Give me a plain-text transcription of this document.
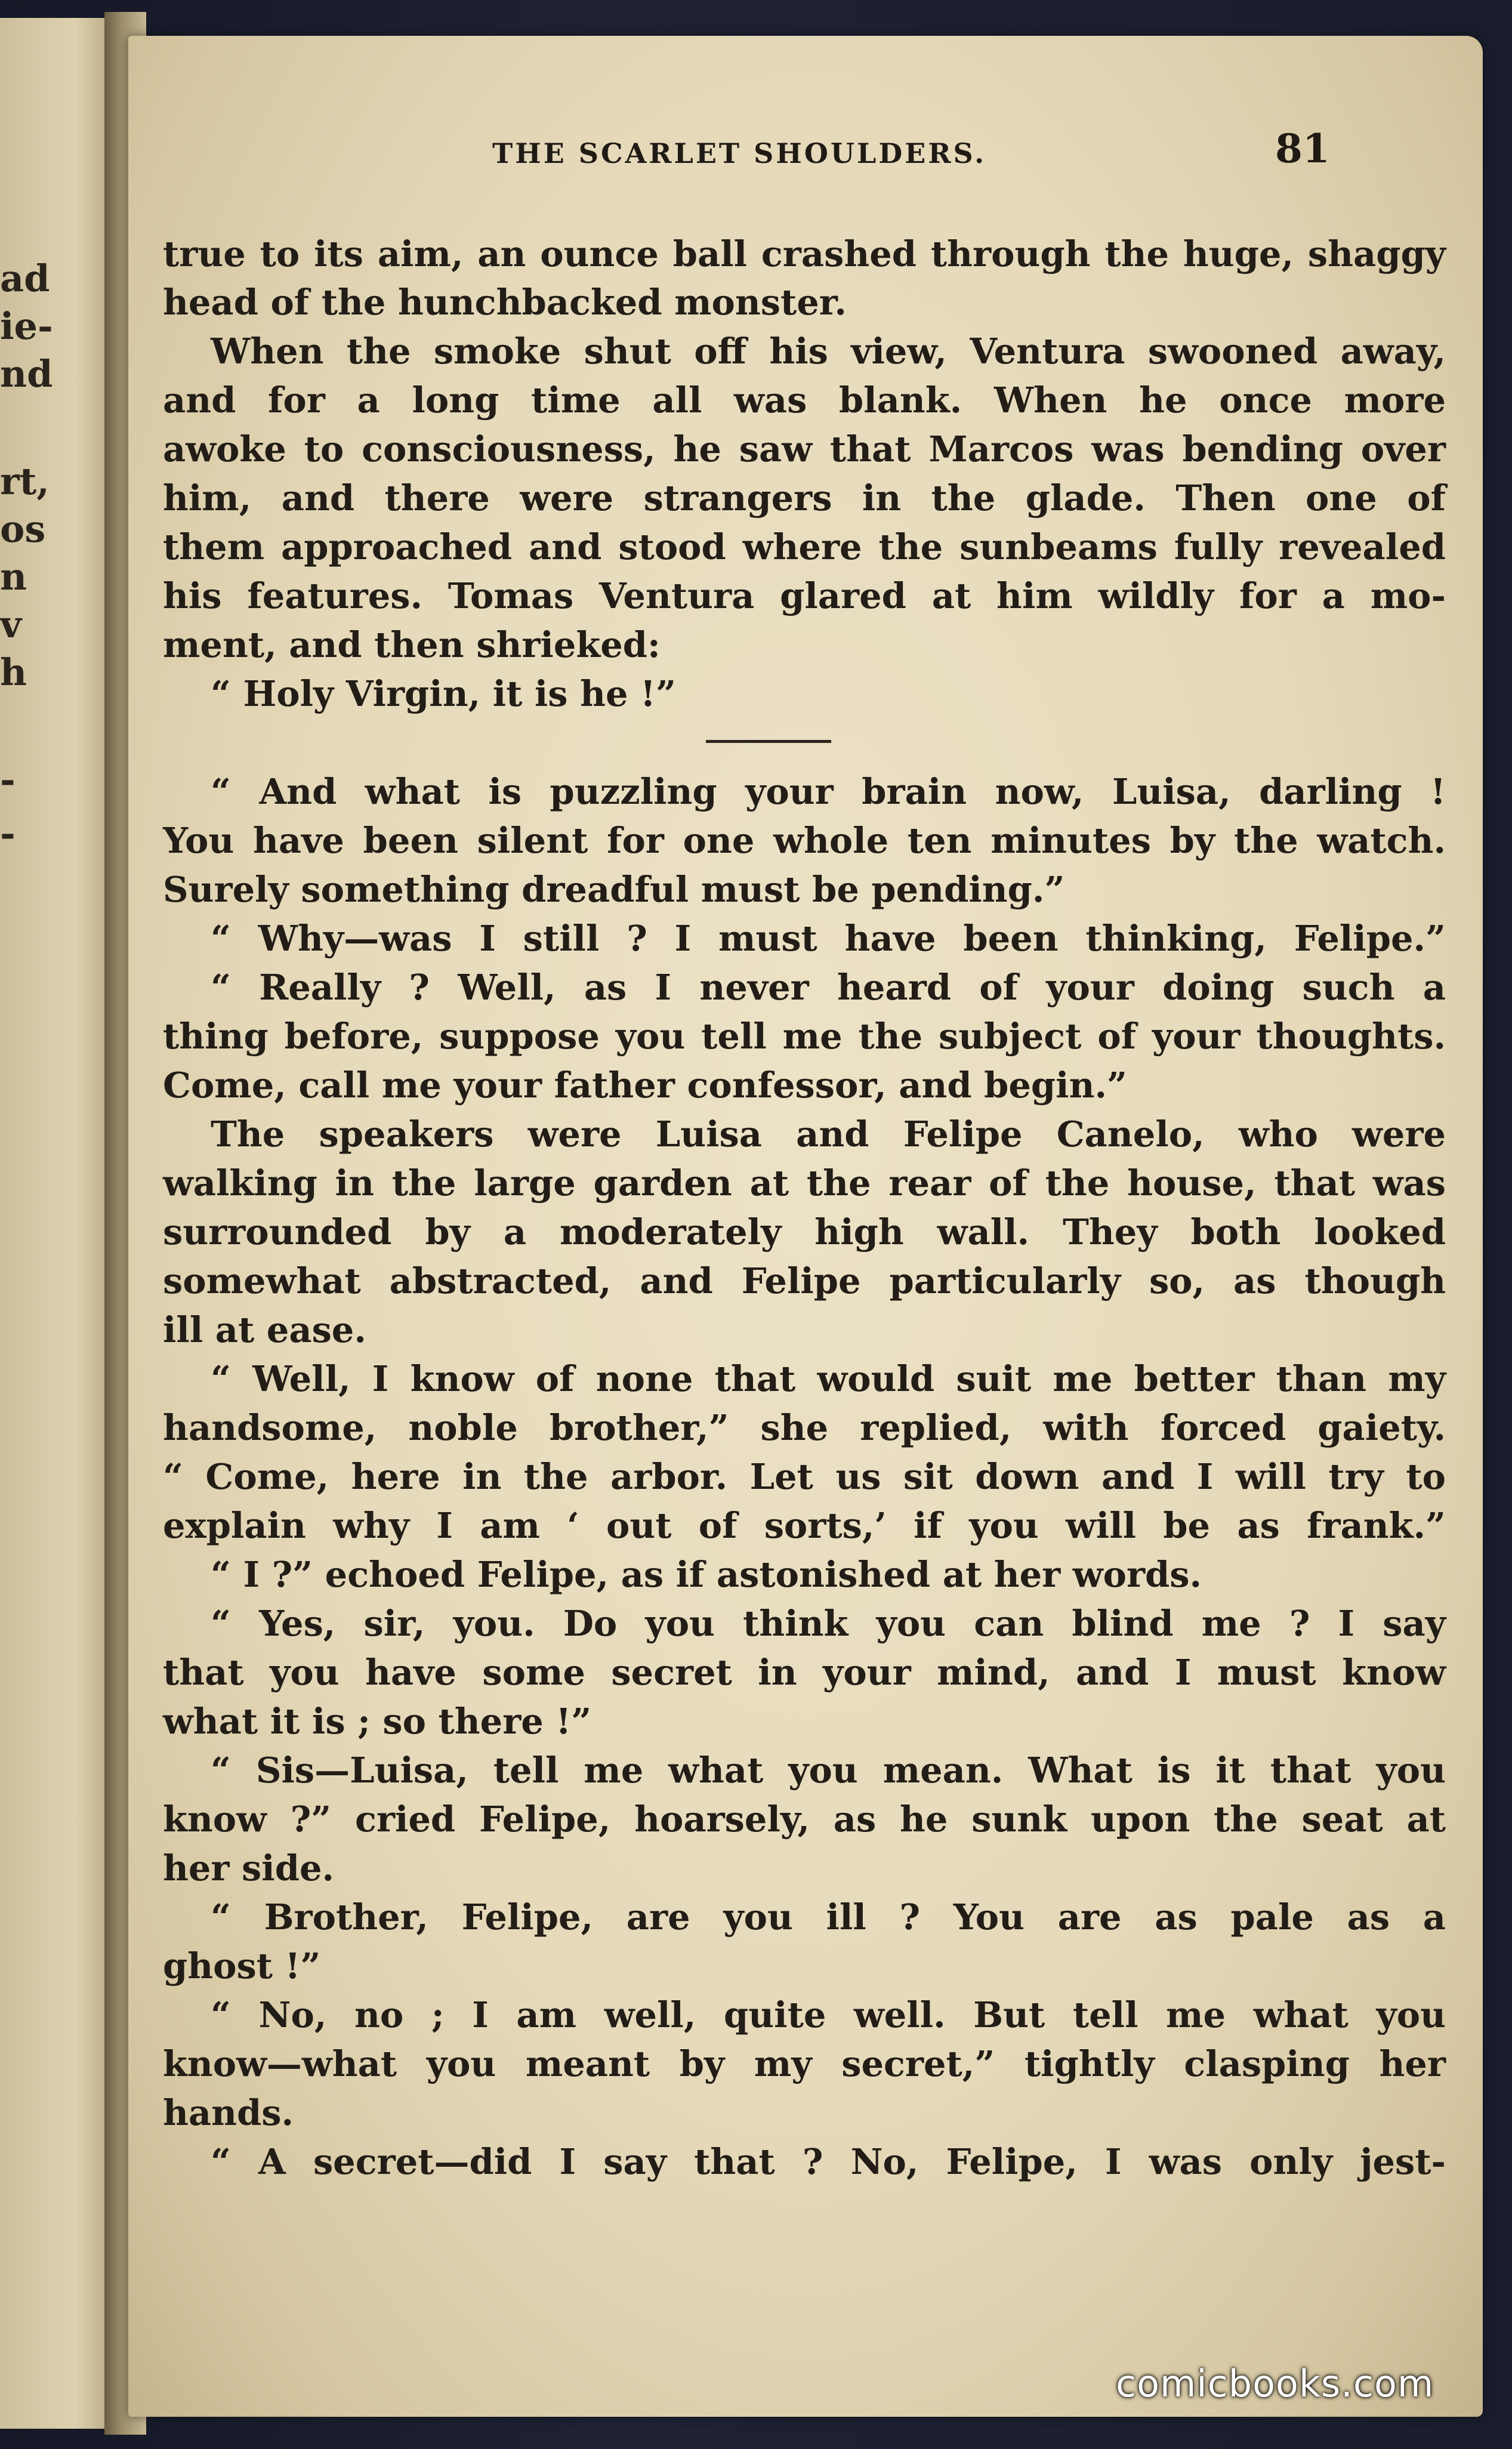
ad
ie-
nd
rt,
os
n
v
h
-
-
THE SCARLET SHOULDERS.	81
true to its aim, an ounce ball crashed through the huge, shaggy
head of the hunchbacked monster.
When the smoke shut off his view, Ventura swooned away,
and for a long time all was blank. When he once more
awoke to consciousness, he saw that Marcos was bending over
him, and there were strangers in the glade. Then one of
them approached and stood where the sunbeams fully revealed
his features. Tomas Ventura glared at him wildly for a mo-
ment, and then shrieked:
“ Holy Virgin, it is he !”
“ And what is puzzling your brain now, Luisa, darling !
You have been silent for one whole ten minutes by the watch.
Surely something dreadful must be pending.”
“ Why—was I still ? I must have been thinking, Felipe.”
“ Really ? Well, as I never heard of your doing such a
thing before, suppose you tell me the subject of your thoughts.
Come, call me your father confessor, and begin.”
The speakers were Luisa and Felipe Canelo, who were
walking in the large garden at the rear of the house, that was
surrounded by a moderately high wall. They both looked
somewhat abstracted, and Felipe particularly so, as though
ill at ease.
“ Well, I know of none that would suit me better than my
handsome, noble brother,” she replied, with forced gaiety.
“ Come, here in the arbor. Let us sit down and I will try to
explain why I am ‘ out of sorts,’ if you will be as frank.”
“ I ?” echoed Felipe, as if astonished at her words.
“ Yes, sir, you. Do you think you can blind me ? I say
that you have some secret in your mind, and I must know
what it is ; so there !”
“ Sis—Luisa, tell me what you mean. What is it that you
know ?” cried Felipe, hoarsely, as he sunk upon the seat at
her side.
“ Brother, Felipe, are you ill ? You are as pale as a
ghost !”
“ No, no ; I am well, quite well. But tell me what you
know—what you meant by my secret,” tightly clasping her
hands.
“ A secret—did I say that ? No, Felipe, I was only jest-
comicbooks.com
